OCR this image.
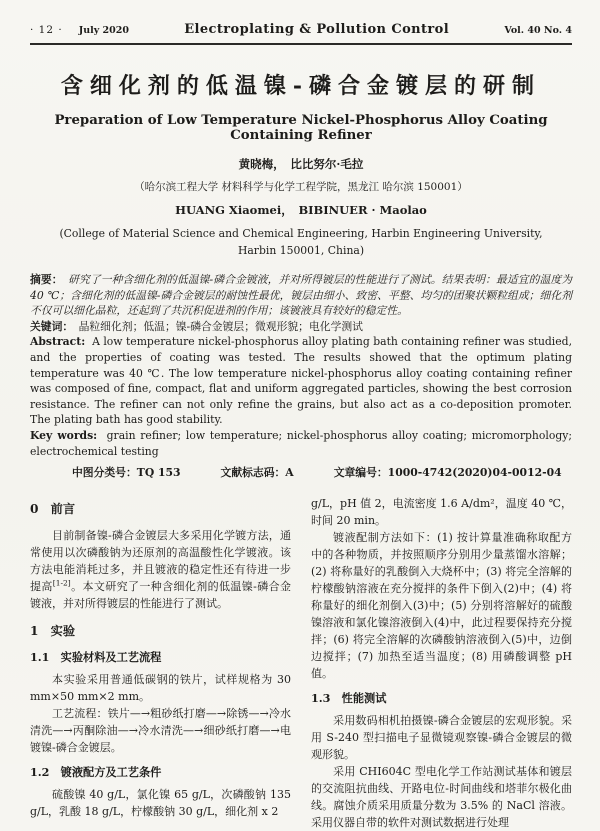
· 12 · July 2020	Electroplating & Pollution Control	Vol. 40 No. 4
含细化剂的低温镍-磷合金镀层的研制
Preparation of Low Temperature Nickel-Phosphorus Alloy Coating Containing Refiner
黄晓梅，　比比努尔·毛拉
（哈尔滨工程大学 材料科学与化学工程学院，黑龙江 哈尔滨 150001）
HUANG Xiaomei，　BIBINUER · Maolao
(College of Material Science and Chemical Engineering, Harbin Engineering University,
Harbin 150001, China)

摘要：　 研究了一种含细化剂的低温镍-磷合金镀液，并对所得镀层的性能进行了测试。结果表明：最适宜的温度为 40 ℃；含细化剂的低温镍-磷合金镀层的耐蚀性最优，镀层由细小、致密、平整、均匀的团聚状颗粒组成；细化剂不仅可以细化晶粒，还起到了共沉积促进剂的作用；该镀液具有较好的稳定性。

关键词：　 晶粒细化剂；低温；镍-磷合金镀层；微观形貌；电化学测试

Abstract: A low temperature nickel-phosphorus alloy plating bath containing refiner was studied, and the properties of coating was tested. The results showed that the optimum plating temperature was 40 ℃. The low temperature nickel-phosphorus alloy coating containing refiner was composed of fine, compact, flat and uniform aggregated particles, showing the best corrosion resistance. The refiner can not only refine the grains, but also act as a co-deposition promoter. The plating bath has good stability.

Key words: grain refiner; low temperature; nickel-phosphorus alloy coating; micromorphology; electrochemical testing

中图分类号：TQ 153	文献标志码：A	文章编号：1000-4742(2020)04-0012-04
0　前言

目前制备镍-磷合金镀层大多采用化学镀方法，通常使用以次磷酸钠为还原剂的高温酸性化学镀液。该方法电能消耗过多，并且镀液的稳定性还有待进一步提高[1-2]。本文研究了一种含细化剂的低温镍-磷合金镀液，并对所得镀层的性能进行了测试。

1　实验
1.1　实验材料及工艺流程

本实验采用普通低碳钢的铁片，试样规格为 30 mm×50 mm×2 mm。

工艺流程：铁片—→粗砂纸打磨—→除锈—→冷水清洗—→丙酮除油—→冷水清洗—→细砂纸打磨—→电镀镍-磷合金镀层。

1.2　镀液配方及工艺条件

硫酸镍 40 g/L，氯化镍 65 g/L，次磷酸钠 135 g/L，乳酸 18 g/L，柠檬酸钠 30 g/L，细化剂 x 2

g/L，pH 值 2，电流密度 1.6 A/dm²，温度 40 ℃，时间 20 min。

镀液配制方法如下：(1) 按计算量准确称取配方中的各种物质，并按照顺序分别用少量蒸馏水溶解；(2) 将称量好的乳酸倒入大烧杯中；(3) 将完全溶解的柠檬酸钠溶液在充分搅拌的条件下倒入(2)中；(4) 将称量好的细化剂倒入(3)中；(5) 分别将溶解好的硫酸镍溶液和氯化镍溶液倒入(4)中，此过程要保持充分搅拌；(6) 将完全溶解的次磷酸钠溶液倒入(5)中，边倒边搅拌；(7) 加热至适当温度；(8) 用磷酸调整 pH 值。

1.3　性能测试

采用数码相机拍摄镍-磷合金镀层的宏观形貌。采用 S-240 型扫描电子显微镜观察镍-磷合金镀层的微观形貌。

采用 CHI604C 型电化学工作站测试基体和镀层的交流阻抗曲线、开路电位-时间曲线和塔菲尔极化曲线。腐蚀介质采用质量分数为 3.5% 的 NaCl 溶液。采用仪器自带的软件对测试数据进行处理
